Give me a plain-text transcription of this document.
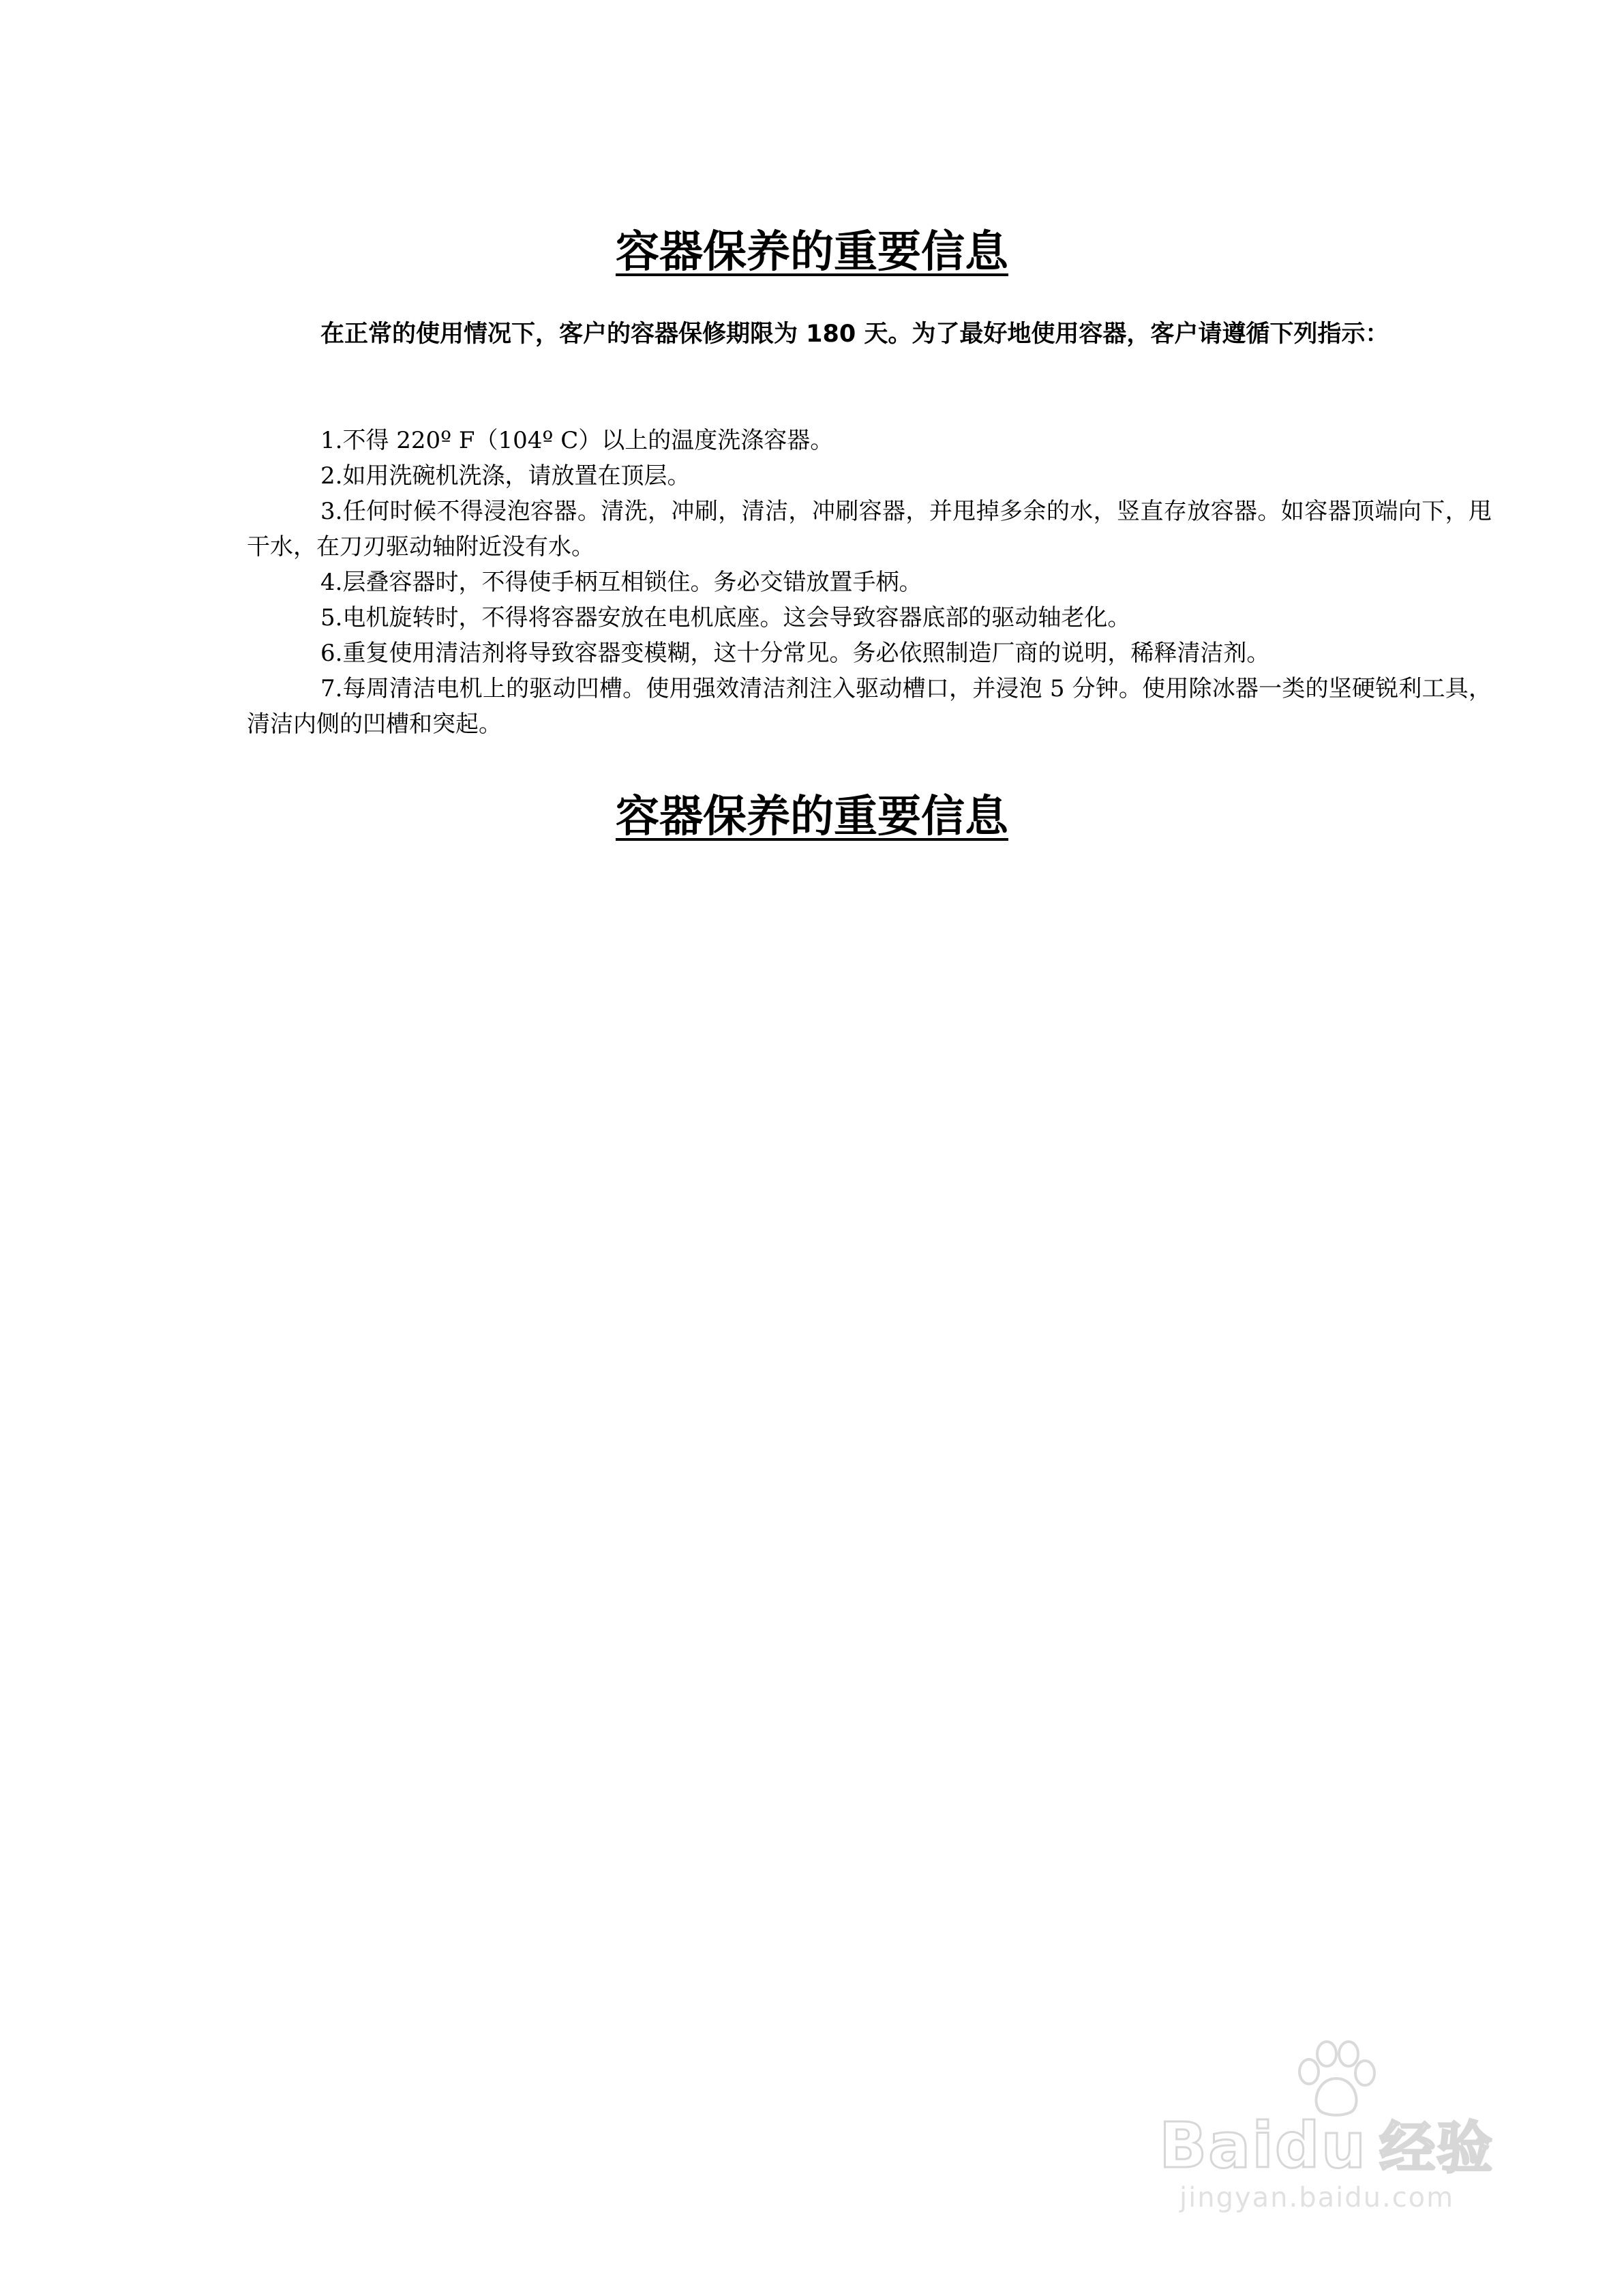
容器保养的重要信息

在正常的使用情况下，客户的容器保修期限为 180 天。为了最好地使用容器，客户请遵循下列指示：

1.不得 220º F（104º C）以上的温度洗涤容器。
2.如用洗碗机洗涤，请放置在顶层。
3.任何时候不得浸泡容器。清洗，冲刷，清洁，冲刷容器，并甩掉多余的水，竖直存放容器。如容器顶端向下，甩干水，在刀刃驱动轴附近没有水。
4.层叠容器时，不得使手柄互相锁住。务必交错放置手柄。
5.电机旋转时，不得将容器安放在电机底座。这会导致容器底部的驱动轴老化。
6.重复使用清洁剂将导致容器变模糊，这十分常见。务必依照制造厂商的说明，稀释清洁剂。
7.每周清洁电机上的驱动凹槽。使用强效清洁剂注入驱动槽口，并浸泡 5 分钟。使用除冰器一类的坚硬锐利工具，清洁内侧的凹槽和突起。
容器保养的重要信息
Baidu 经验
jingyan.baidu.com
